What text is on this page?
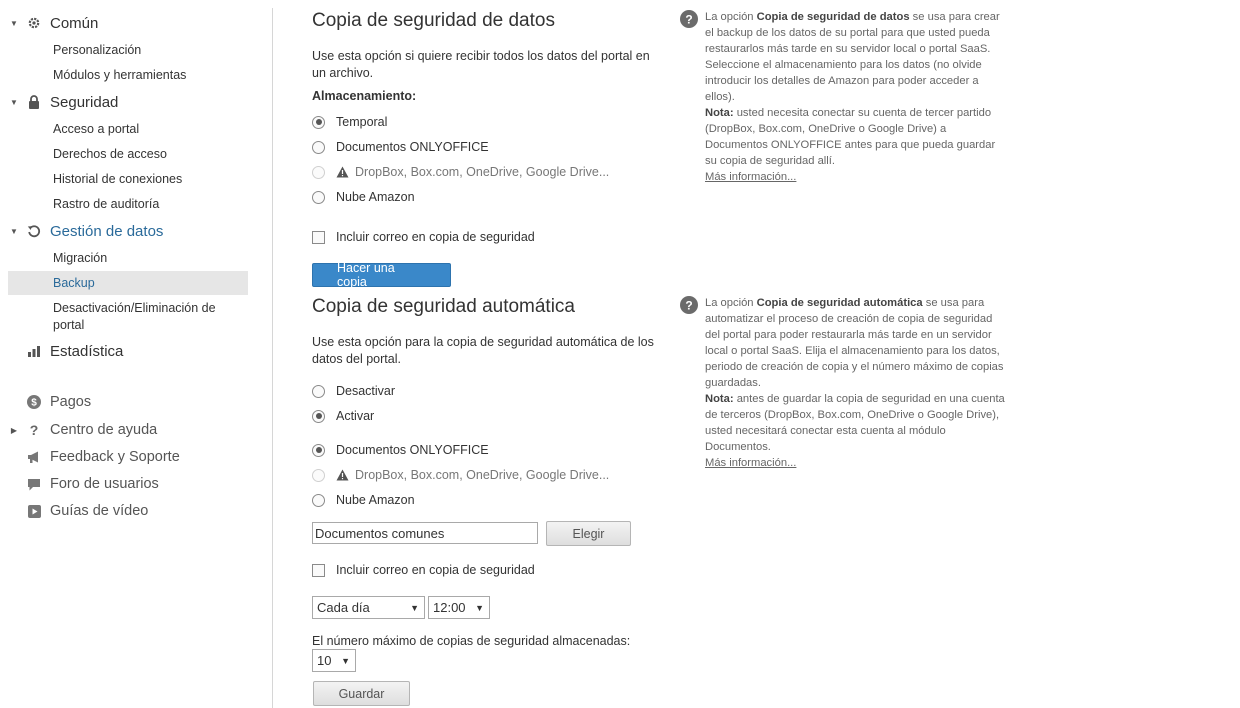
▼ Común
Personalización
Módulos y herramientas
▼ Seguridad
Acceso a portal
Derechos de acceso
Historial de conexiones
Rastro de auditoría
▼ Gestión de datos
Migración
Backup
Desactivación/Eliminación de
portal
Estadística
$ Pagos
▶ ? Centro de ayuda
Feedback y Soporte
Foro de usuarios
Guías de vídeo
Copia de seguridad de datos
Use esta opción si quiere recibir todos los datos del portal en un archivo.
Almacenamiento:
Temporal
Documentos ONLYOFFICE
DropBox, Box.com, OneDrive, Google Drive...
Nube Amazon
Incluir correo en copia de seguridad
Hacer una copia
? La opción Copia de seguridad de datos se usa para crear el backup de los datos de su portal para que usted pueda restaurarlos más tarde en su servidor local o portal SaaS. Seleccione el almacenamiento para los datos (no olvide introducir los detalles de Amazon para poder acceder a ellos).
Nota: usted necesita conectar su cuenta de tercer partido (DropBox, Box.com, OneDrive o Google Drive) a Documentos ONLYOFFICE antes para que pueda guardar su copia de seguridad allí.
Más información...
Copia de seguridad automática
Use esta opción para la copia de seguridad automática de los datos del portal.
Desactivar
Activar
Documentos ONLYOFFICE
DropBox, Box.com, OneDrive, Google Drive...
Nube Amazon
Documentos comunes	Elegir
Incluir correo en copia de seguridad
Cada día	▼ 12:00 ▼
El número máximo de copias de seguridad almacenadas:
10 ▼
Guardar
? La opción Copia de seguridad automática se usa para automatizar el proceso de creación de copia de seguridad del portal para poder restaurarla más tarde en un servidor local o portal SaaS. Elija el almacenamiento para los datos, periodo de creación de copia y el número máximo de copias guardadas.
Nota: antes de guardar la copia de seguridad en una cuenta de terceros (DropBox, Box.com, OneDrive o Google Drive), usted necesitará conectar esta cuenta al módulo Documentos.
Más información...
